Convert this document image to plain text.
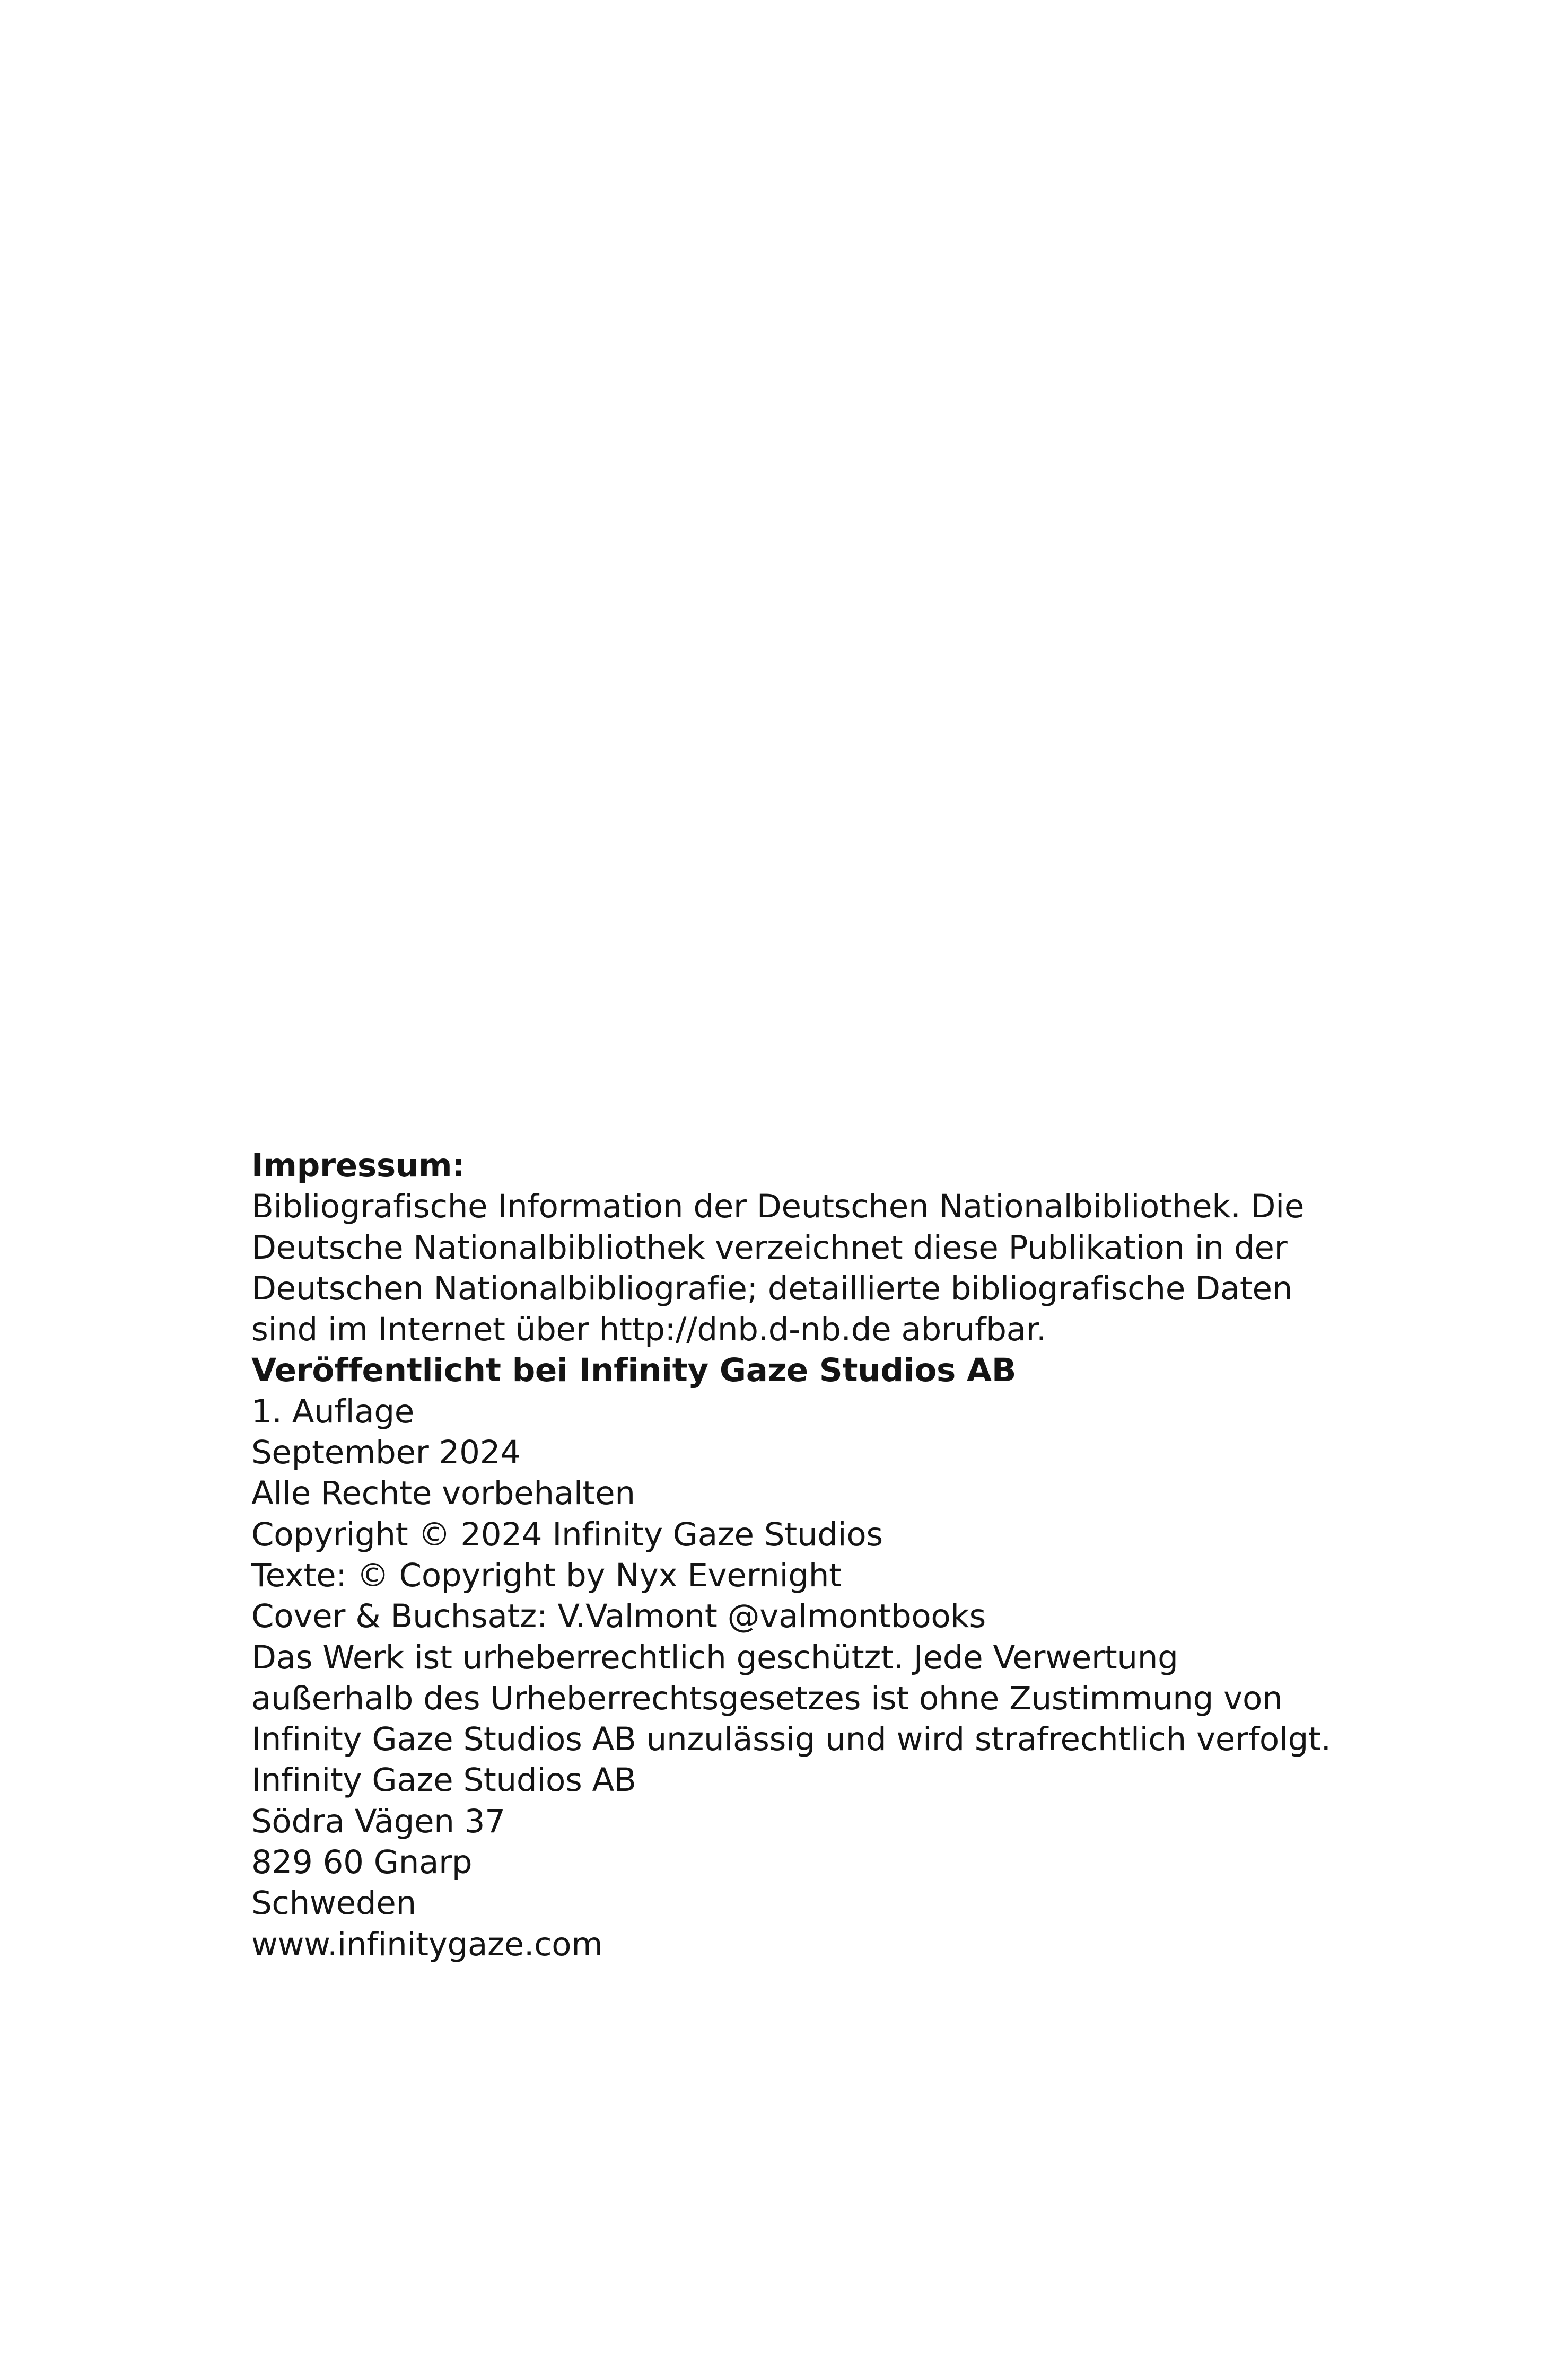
Impressum:
Bibliografische Information der Deutschen Nationalbibliothek. Die
Deutsche Nationalbibliothek verzeichnet diese Publikation in der
Deutschen Nationalbibliografie; detaillierte bibliografische Daten
sind im Internet über http://dnb.d-nb.de abrufbar.
Veröffentlicht bei Infinity Gaze Studios AB
1. Auflage
September 2024
Alle Rechte vorbehalten
Copyright © 2024 Infinity Gaze Studios
Texte: © Copyright by Nyx Evernight
Cover & Buchsatz: V.Valmont @valmontbooks
Das Werk ist urheberrechtlich geschützt. Jede Verwertung
außerhalb des Urheberrechtsgesetzes ist ohne Zustimmung von
Infinity Gaze Studios AB unzulässig und wird strafrechtlich verfolgt.
Infinity Gaze Studios AB
Södra Vägen 37
829 60 Gnarp
Schweden
www.infinitygaze.com
